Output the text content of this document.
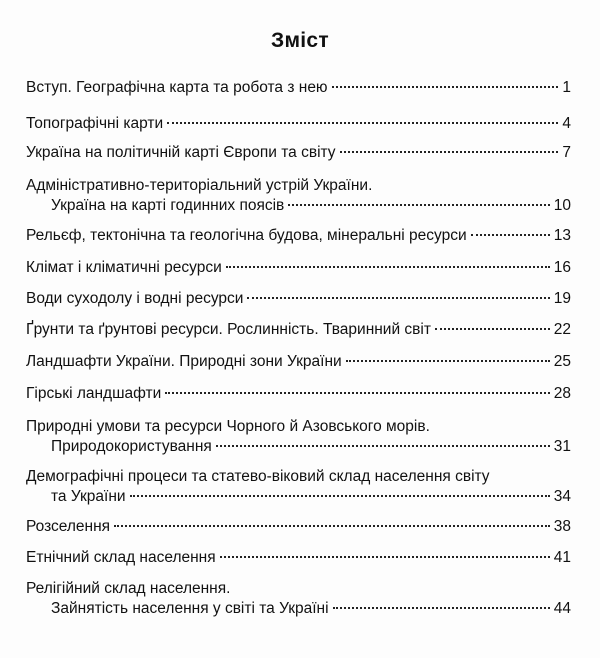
Зміст
Вступ. Географічна карта та робота з нею	1
Топографічні карти	4
Україна на політичній карті Європи та світу	7
Адміністративно-територіальний устрій України.
Україна на карті годинних поясів	10
Рельєф, тектонічна та геологічна будова, мінеральні ресурси	13
Клімат і кліматичні ресурси	16
Води суходолу і водні ресурси	19
Ґрунти та ґрунтові ресурси. Рослинність. Тваринний світ	22
Ландшафти України. Природні зони України	25
Гірські ландшафти	28
Природні умови та ресурси Чорного й Азовського морів.
Природокористування	31
Демографічні процеси та статево-віковий склад населення світу
та України	34
Розселення	38
Етнічний склад населення	41
Релігійний склад населення.
Зайнятість населення у світі та Україні	44
